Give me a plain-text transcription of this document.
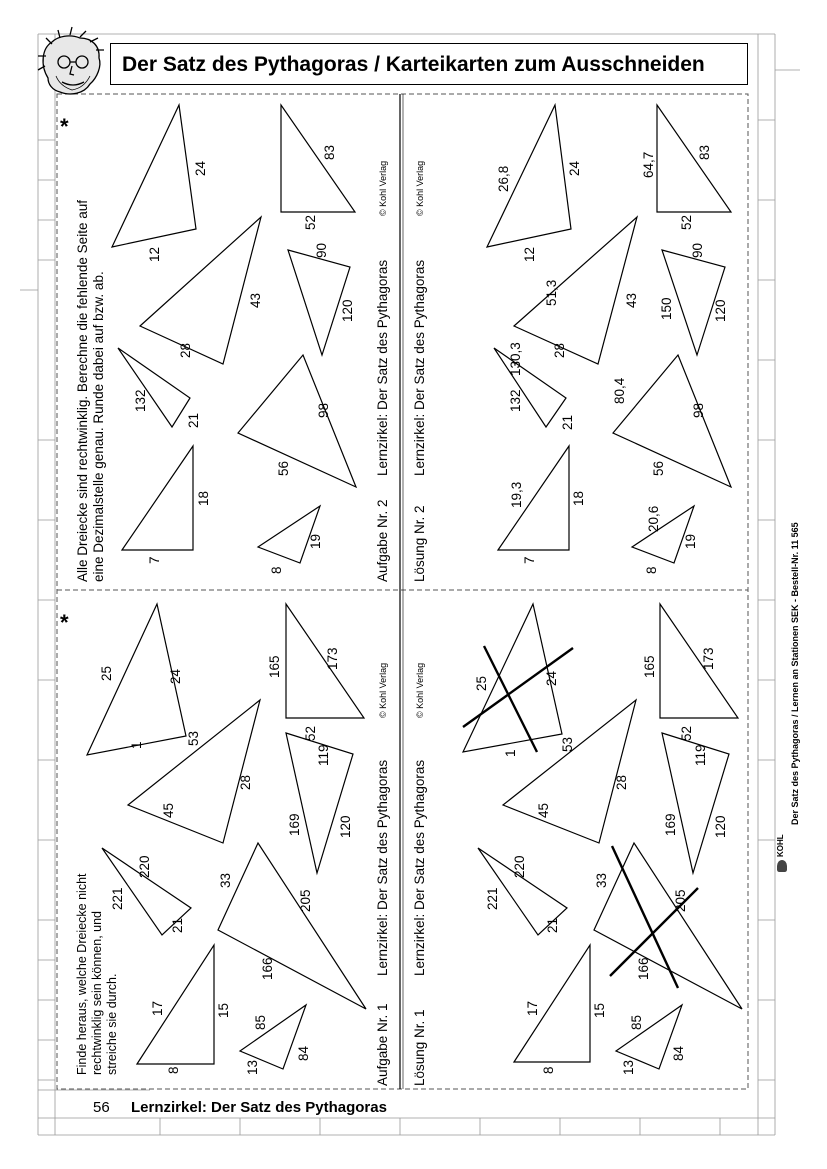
Der Satz des Pythagoras / Karteikarten zum Ausschneiden
*
*
Alle Dreiecke sind rechtwinklig. Berechne die fehlende Seite auf eine Dezimalstelle genau. Runde dabei auf bzw. ab.	Aufgabe Nr. 2
Lernzirkel: Der Satz des Pythagoras
© Kohl Verlag
Lösung Nr. 2
Lernzirkel: Der Satz des Pythagoras
© Kohl Verlag
Finde heraus, welche Dreiecke nicht rechtwinklig sein können, und streiche sie durch.	Aufgabe Nr. 1
Lernzirkel: Der Satz des Pythagoras
© Kohl Verlag
Lösung Nr. 1
Lernzirkel: Der Satz des Pythagoras
© Kohl Verlag
7
18
8
19
132
21
56
98
28
43
90
120
12
24
52
83
7
19,3	18
8
20,6
19
132
130,3
21
56
80,4
98
28
51,3	43 150
90
120
12
26,8	24
52
64,7	83
8
17	15
13
85
84
221
220
21
33
205
166
45
53
28
169
119
120
1
25	24	165	173
52
8
17	15
13
85
84
221
220
21
33
205
166
45
53
28
169
119
120
1
25	24
165	173
52
KOHL
Der Satz des Pythagoras / Lernen an Stationen SEK - Bestell-Nr. 11 565
56 Lernzirkel: Der Satz des Pythagoras
